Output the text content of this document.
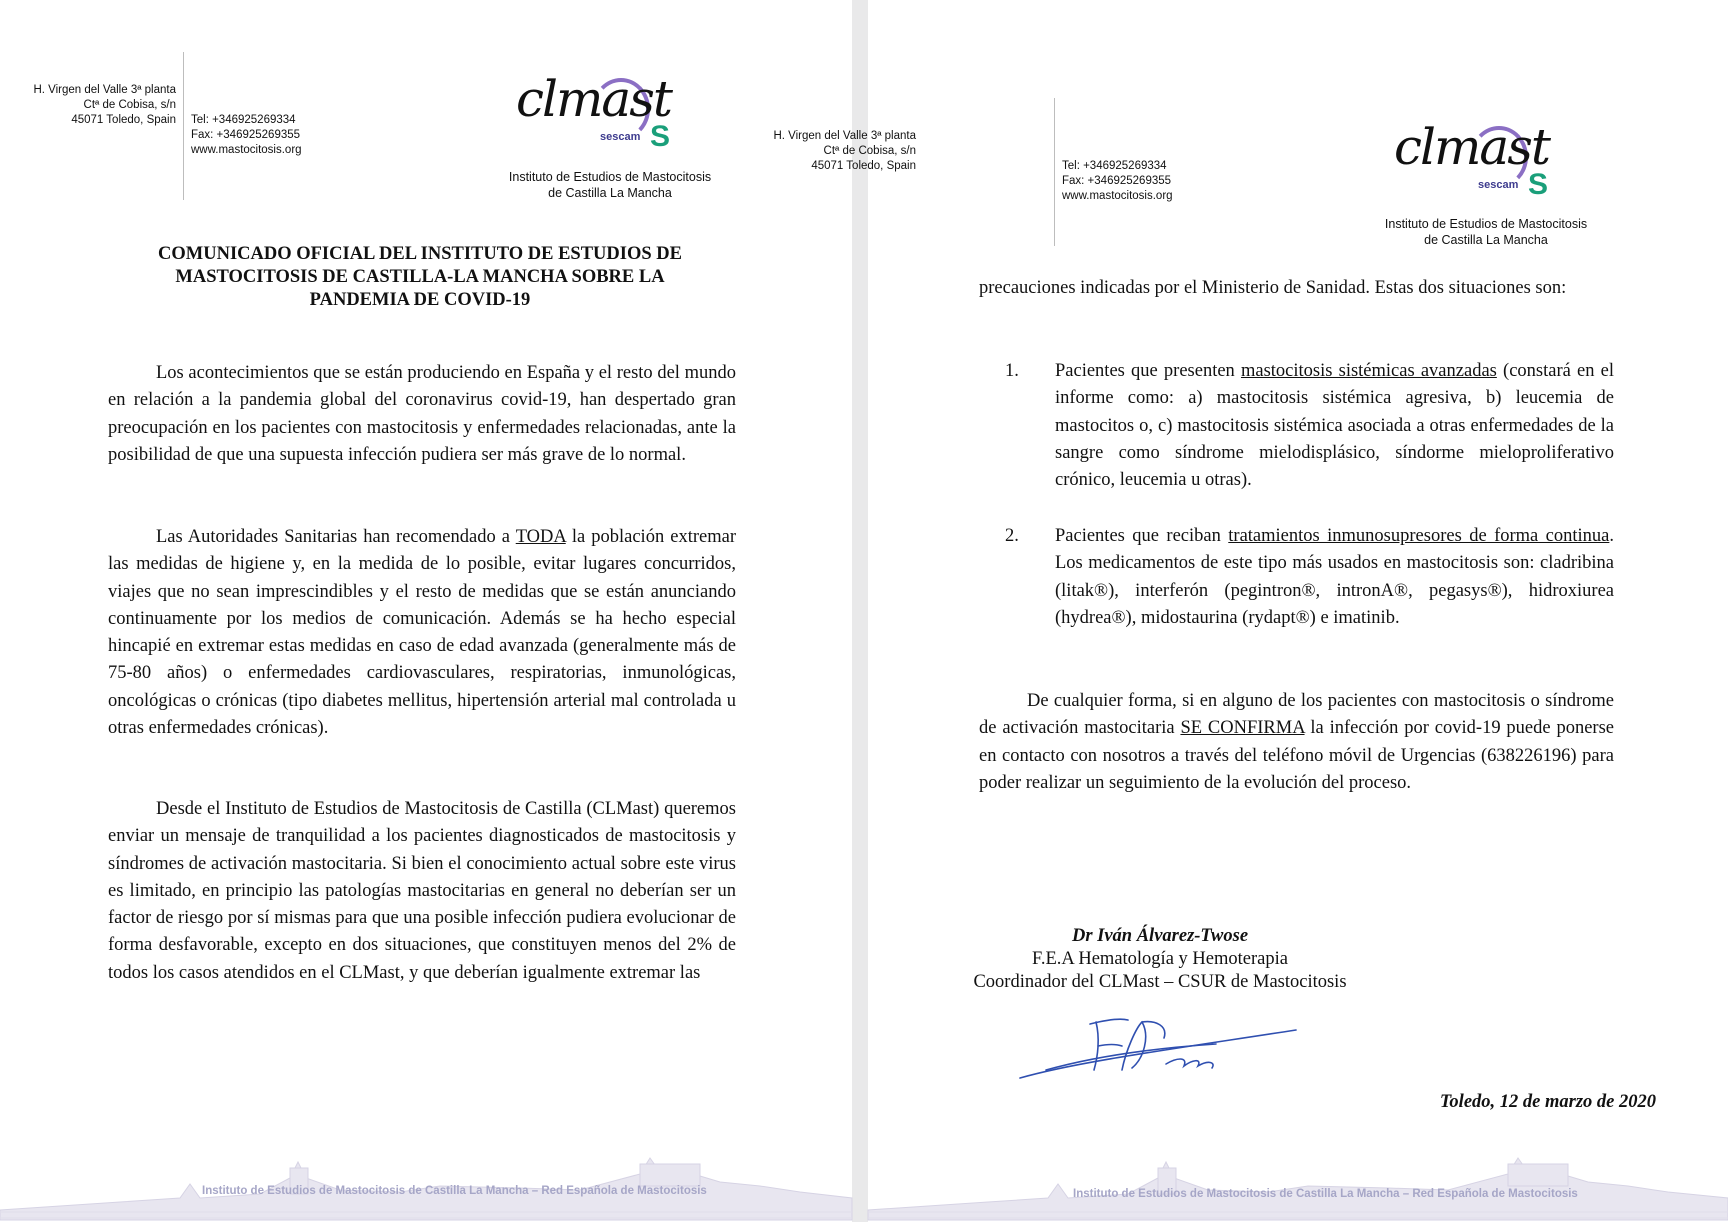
H. Virgen del Valle 3ª planta
Ctª de Cobisa, s/n
45071 Toledo, Spain Tel: +346925269334
Fax: +346925269355
www.mastocitosis.org
clmast
sescam S
Instituto de Estudios de Mastocitosis
de Castilla La Mancha
COMUNICADO OFICIAL DEL INSTITUTO DE ESTUDIOS DE
MASTOCITOSIS DE CASTILLA-LA MANCHA SOBRE LA
PANDEMIA DE COVID-19
Los acontecimientos que se están produciendo en España y el resto del mundo en relación a la pandemia global del coronavirus covid-19, han despertado gran preocupación en los pacientes con mastocitosis y enfermedades relacionadas, ante la posibilidad de que una supuesta infección pudiera ser más grave de lo normal.
Las Autoridades Sanitarias han recomendado a TODA la población extremar las medidas de higiene y, en la medida de lo posible, evitar lugares concurridos, viajes que no sean imprescindibles y el resto de medidas que se están anunciando continuamente por los medios de comunicación. Además se ha hecho especial hincapié en extremar estas medidas en caso de edad avanzada (generalmente más de 75-80 años) o enfermedades cardiovasculares, respiratorias, inmunológicas, oncológicas o crónicas (tipo diabetes mellitus, hipertensión arterial mal controlada u otras enfermedades crónicas).
Desde el Instituto de Estudios de Mastocitosis de Castilla (CLMast) queremos enviar un mensaje de tranquilidad a los pacientes diagnosticados de mastocitosis y síndromes de activación mastocitaria. Si bien el conocimiento actual sobre este virus es limitado, en principio las patologías mastocitarias en general no deberían ser un factor de riesgo por sí mismas para que una posible infección pudiera evolucionar de forma desfavorable, excepto en dos situaciones, que constituyen menos del 2% de todos los casos atendidos en el CLMast, y que deberían igualmente extremar las
Instituto de Estudios de Mastocitosis de Castilla La Mancha – Red Española de Mastocitosis
H. Virgen del Valle 3ª planta
Ctª de Cobisa, s/n
45071 Toledo, Spain	Tel: +346925269334
Fax: +346925269355
www.mastocitosis.org
clmast
sescam S
Instituto de Estudios de Mastocitosis
de Castilla La Mancha
precauciones indicadas por el Ministerio de Sanidad. Estas dos situaciones son:
1. Pacientes que presenten mastocitosis sistémicas avanzadas (constará en el informe como: a) mastocitosis sistémica agresiva, b) leucemia de mastocitos o, c) mastocitosis sistémica asociada a otras enfermedades de la sangre como síndrome mielodisplásico, síndorme mieloproliferativo crónico, leucemia u otras).
2. Pacientes que reciban tratamientos inmunosupresores de forma continua. Los medicamentos de este tipo más usados en mastocitosis son: cladribina (litak®), interferón (pegintron®, intronA®, pegasys®), hidroxiurea (hydrea®), midostaurina (rydapt®) e imatinib.
De cualquier forma, si en alguno de los pacientes con mastocitosis o síndrome de activación mastocitaria SE CONFIRMA la infección por covid-19 puede ponerse en contacto con nosotros a través del teléfono móvil de Urgencias (638226196) para poder realizar un seguimiento de la evolución del proceso.
Dr Iván Álvarez-Twose
F.E.A Hematología y Hemoterapia
Coordinador del CLMast – CSUR de Mastocitosis
Toledo, 12 de marzo de 2020
Instituto de Estudios de Mastocitosis de Castilla La Mancha – Red Española de Mastocitosis
